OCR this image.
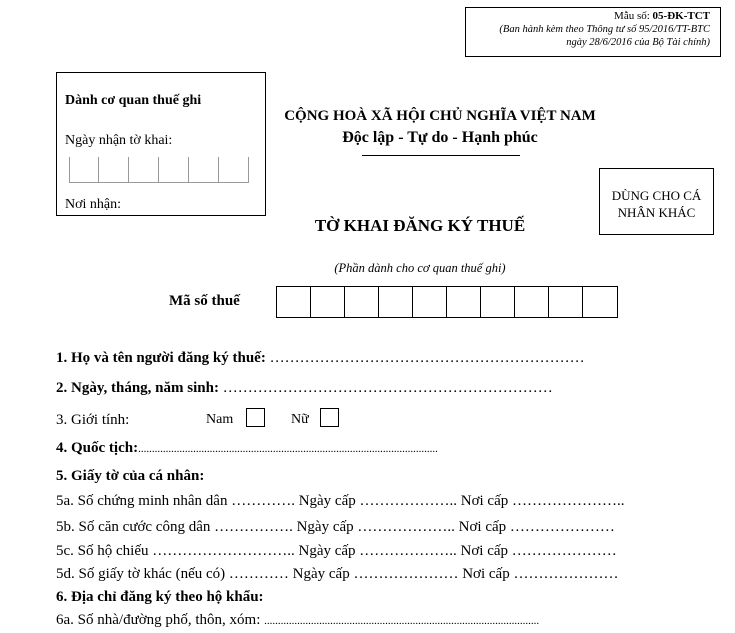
Mẫu số: 05-ĐK-TCT
(Ban hành kèm theo Thông tư số 95/2016/TT-BTC
ngày 28/6/2016 của Bộ Tài chính)
Dành cơ quan thuế ghi
Ngày nhận tờ khai:
Nơi nhận:
CỘNG HOÀ XÃ HỘI CHỦ NGHĨA VIỆT NAM
Độc lập - Tự do - Hạnh phúc
DÙNG CHO CÁ
NHÂN KHÁC
TỜ KHAI ĐĂNG KÝ THUẾ
(Phần dành cho cơ quan thuế ghi)
Mã số thuế
1. Họ và tên người đăng ký thuế: ………………………………………………………
2. Ngày, tháng, năm sinh: …………………………………………………………
3. Giới tính:	Nam	Nữ
4. Quốc tịch:.............................................................................................................
5. Giấy tờ của cá nhân:
5a. Số chứng minh nhân dân …………. Ngày cấp ……………….. Nơi cấp …………………..
5b. Số căn cước công dân ……………. Ngày cấp ……………….. Nơi cấp …………………
5c. Số hộ chiếu ……………………….. Ngày cấp ……………….. Nơi cấp …………………
5d. Số giấy tờ khác (nếu có) ………… Ngày cấp ………………… Nơi cấp …………………
6. Địa chỉ đăng ký theo hộ khẩu:
6a. Số nhà/đường phố, thôn, xóm: ....................................................................................................
